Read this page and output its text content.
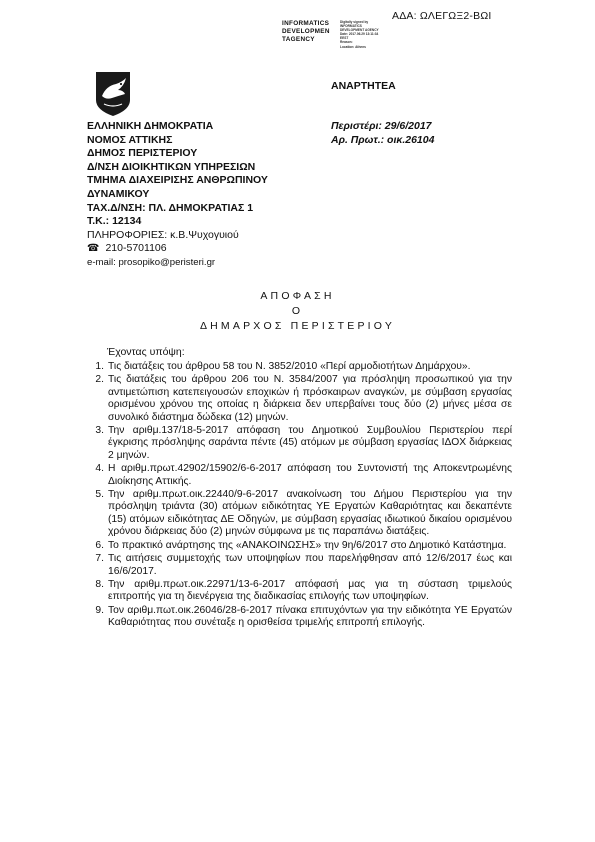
ΑΔΑ: ΩΛΕΓΩΞ2-ΒΩΙ
INFORMATICS
DEVELOPMEN
TAGENCY
Digitally signed by
INFORMATICS
DEVELOPMENT AGENCY
Date: 2017.06.29 13:11:34
EEST
Reason:
Location: Athens
ΑΝΑΡΤΗΤΕΑ
ΕΛΛΗΝΙΚΗ ΔΗΜΟΚΡΑΤΙΑ
ΝΟΜΟΣ ΑΤΤΙΚΗΣ
ΔΗΜΟΣ ΠΕΡΙΣΤΕΡΙΟΥ
Δ/ΝΣΗ ΔΙΟΙΚΗΤΙΚΩΝ ΥΠΗΡΕΣΙΩΝ
ΤΜΗΜΑ ΔΙΑΧΕΙΡΙΣΗΣ ΑΝΘΡΩΠΙΝΟΥ
ΔΥΝΑΜΙΚΟΥ
ΤΑΧ.Δ/ΝΣΗ: ΠΛ. ΔΗΜΟΚΡΑΤΙΑΣ 1
Τ.Κ.: 12134
ΠΛΗΡΟΦΟΡΙΕΣ: κ.Β.Ψυχογυιού
☎ 210-5701106
e-mail: prosopiko@peristeri.gr
Περιστέρι: 29/6/2017
Αρ. Πρωτ.: οικ.26104
ΑΠΟΦΑΣΗ
Ο
ΔΗΜΑΡΧΟΣ ΠΕΡΙΣΤΕΡΙΟΥ
Έχοντας υπόψη:
1. Τις διατάξεις του άρθρου 58 του Ν. 3852/2010 «Περί αρμοδιοτήτων Δημάρχου».
2. Τις διατάξεις του άρθρου 206 του Ν. 3584/2007 για πρόσληψη προσωπικού για την αντιμετώπιση κατεπειγουσών εποχικών ή πρόσκαιρων αναγκών, με σύμβαση εργασίας ορισμένου χρόνου της οποίας η διάρκεια δεν υπερβαίνει τους δύο (2) μήνες μέσα σε συνολικό διάστημα δώδεκα (12) μηνών.
3. Την αριθμ.137/18-5-2017 απόφαση του Δημοτικού Συμβουλίου Περιστερίου περί έγκρισης πρόσληψης σαράντα πέντε (45) ατόμων με σύμβαση εργασίας ΙΔΟΧ διάρκειας 2 μηνών.
4. Η αριθμ.πρωτ.42902/15902/6-6-2017 απόφαση του Συντονιστή της Αποκεντρωμένης Διοίκησης Αττικής.
5. Την αριθμ.πρωτ.οικ.22440/9-6-2017 ανακοίνωση του Δήμου Περιστερίου για την πρόσληψη τριάντα (30) ατόμων ειδικότητας ΥΕ Εργατών Καθαριότητας και δεκαπέντε (15) ατόμων ειδικότητας ΔΕ Οδηγών, με σύμβαση εργασίας ιδιωτικού δικαίου ορισμένου χρόνου διάρκειας δύο (2) μηνών σύμφωνα με τις παραπάνω διατάξεις.
6. Το πρακτικό ανάρτησης της «ΑΝΑΚΟΙΝΩΣΗΣ» την 9η/6/2017 στο Δημοτικό Κατάστημα.
7. Τις αιτήσεις συμμετοχής των υποψηφίων που παρελήφθησαν από 12/6/2017 έως και 16/6/2017.
8. Την αριθμ.πρωτ.οικ.22971/13-6-2017 απόφασή μας για τη σύσταση τριμελούς επιτροπής για τη διενέργεια της διαδικασίας επιλογής των υποψηφίων.
9. Τον αριθμ.πωτ.οικ.26046/28-6-2017 πίνακα επιτυχόντων για την ειδικότητα ΥΕ Εργατών Καθαριότητας που συνέταξε η ορισθείσα τριμελής επιτροπή επιλογής.
